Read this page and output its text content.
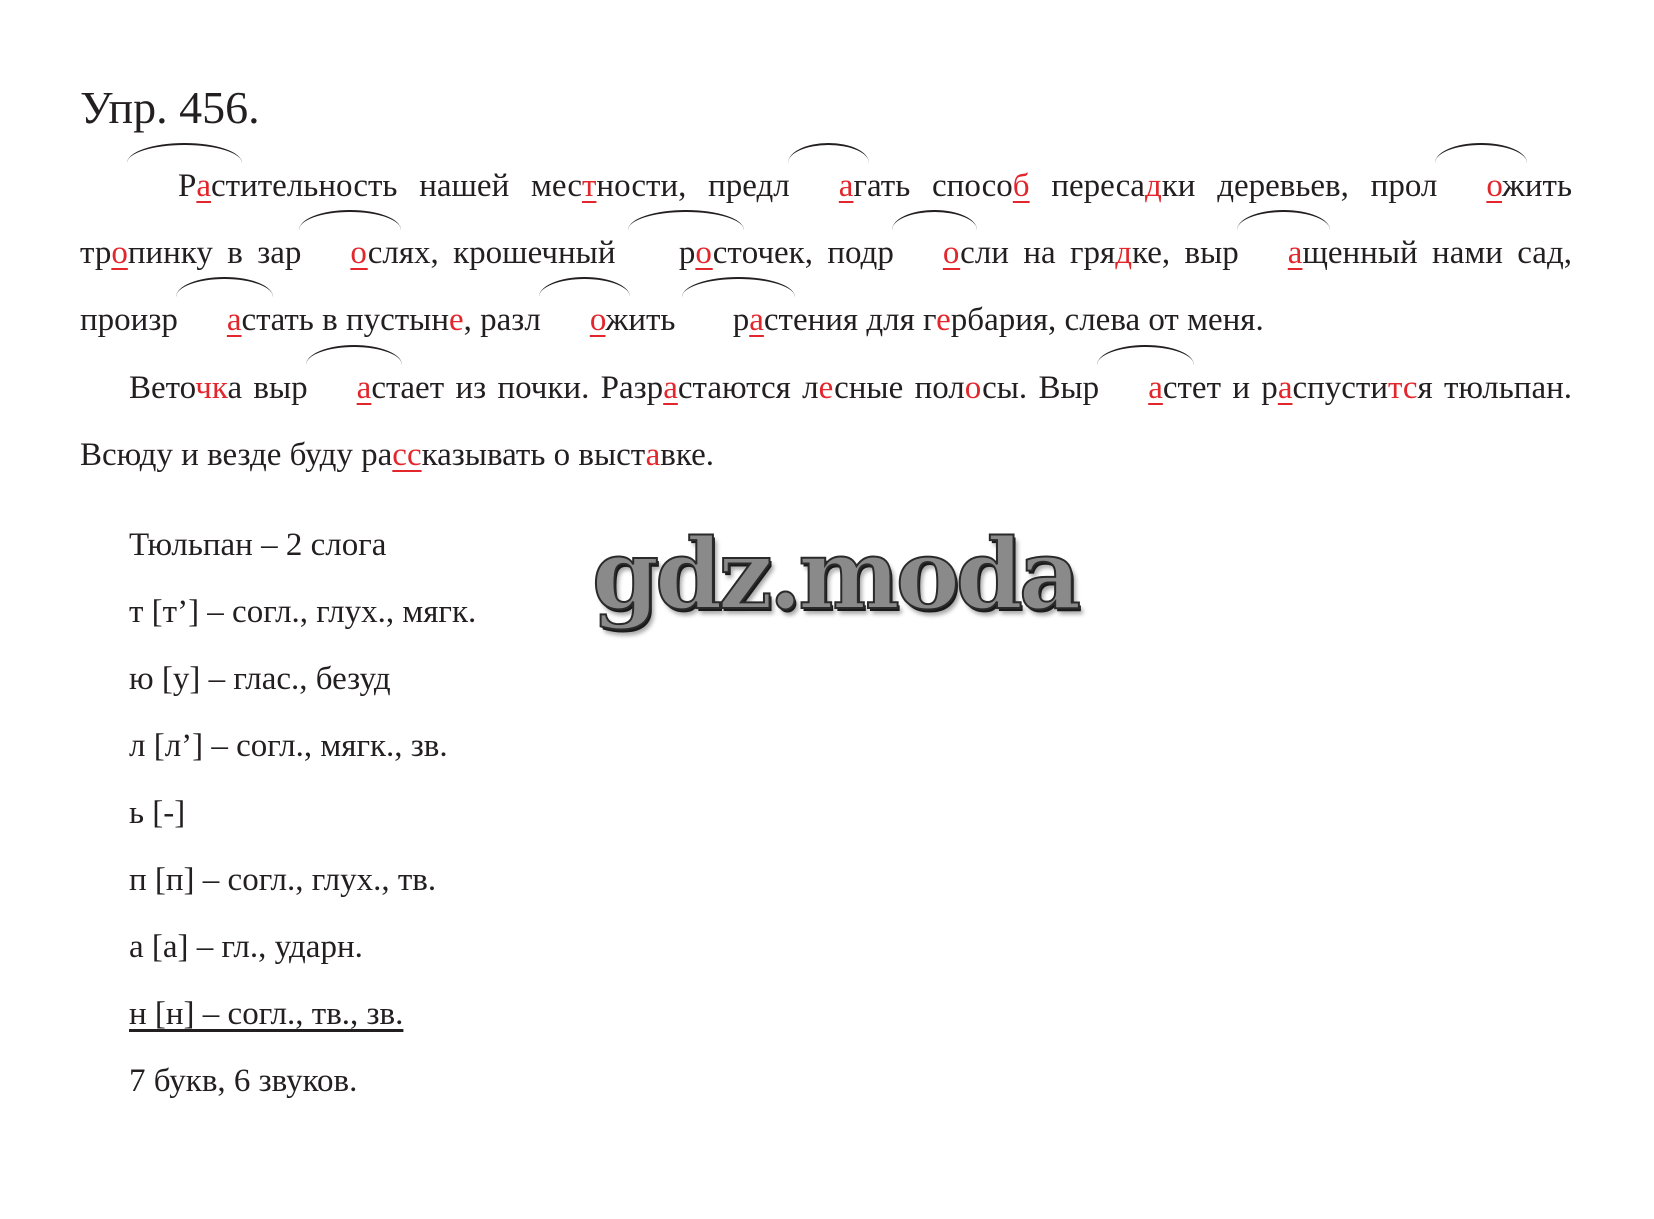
Упр. 456.

Растительность нашей местности, предл агать способ пересaдки деревьев, прол ожить тропинку в зар ослях, крошечный росточек, подр осли на грядке, выр ащенный нами сад, произр астать в пустыне, разл ожить растения для гербария, слева от меня.

Веточка выр астает из почки. Разрастаются лесные полосы. Выр астет и распустится тюльпан. Всюду и везде буду рассказывать о выставке.

Тюльпан – 2 слога
т [т’] – согл., глух., мягк.
ю [у] – глас., безуд
л [л’] – согл., мягк., зв.
ь [-]
п [п] – согл., глух., тв.
а [а] – гл., ударн.
н [н] – согл., тв., зв.
7 букв, 6 звуков.
gdz.moda
